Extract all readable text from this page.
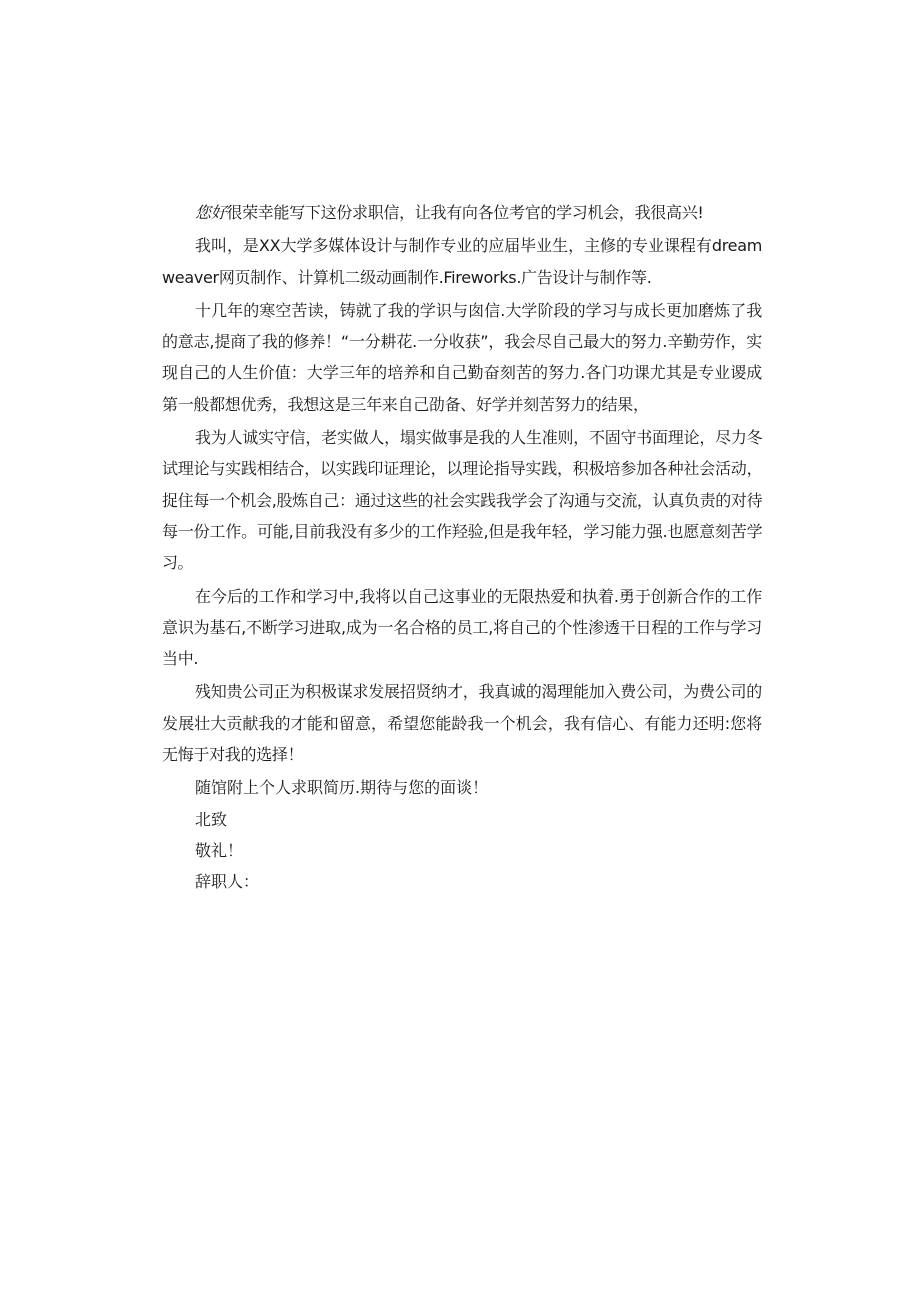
您好很荣幸能写下这份求职信，让我有向各位考官的学习机会，我很高兴!

我叫，是XX大学多媒体设计与制作专业的应届毕业生，主修的专业课程有dreamweaver网页制作、计算机二级动画制作.Fireworks.广告设计与制作等.

十几年的寒空苦读，铸就了我的学识与囱信.大学阶段的学习与成长更加磨炼了我的意志,提商了我的修养！“一分耕花.一分收获”，我会尽自己最大的努力.辛勤劳作，实现自己的人生价值：大学三年的培养和自己勤奋刻苦的努力.各门功课尤其是专业谡成第一般都想优秀，我想这是三年来自己劭备、好学并刻苦努力的结果，

我为人诚实守信，老实做人，塌实做事是我的人生准则，不固守书面理论，尽力冬试理论与实践相结合，以实践印证理论，以理论指导实践，积极培参加各种社会活动，捉住每一个机会,股炼自己：通过这些的社会实践我学会了沟通与交流，认真负责的对待每一份工作。可能,目前我没有多少的工作羟验,但是我年轻，学习能力强.也愿意刻苦学习。

在今后的工作和学习中,我将以自己这事业的无限热爱和执着.勇于创新合作的工作意识为基石,不断学习进取,成为一名合格的员工,将自己的个性渗透干日程的工作与学习当中.

残知贵公司正为积极谋求发展招贤纳才，我真诚的渴理能加入费公司，为费公司的发展壮大贡献我的才能和留意，希望您能龄我一个机会，我有信心、有能力还明:您将无悔于对我的选择！

随馆附上个人求职简历.期待与您的面谈！

北致

敬礼！

辞职人：
